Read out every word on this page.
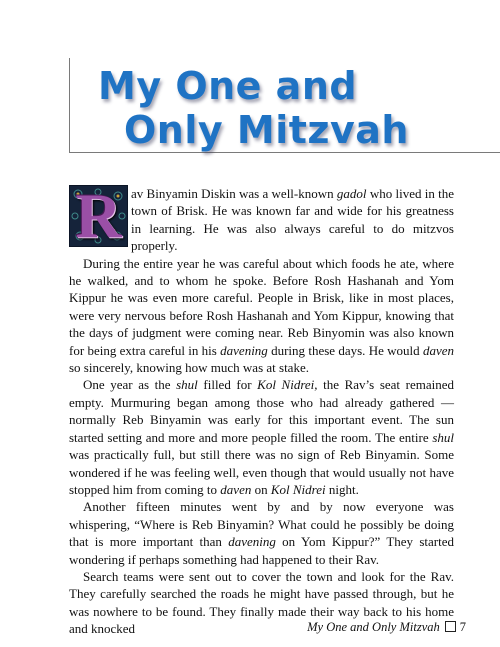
My One and
Only Mitzvah
R av Binyamin Diskin was a well-known gadol who lived in the town of Brisk. He was known far and wide for his greatness in learning. He was also always careful to do mitzvos properly.

During the entire year he was careful about which foods he ate, where he walked, and to whom he spoke. Before Rosh Hashanah and Yom Kippur he was even more careful. People in Brisk, like in most places, were very nervous before Rosh Hashanah and Yom Kippur, knowing that the days of judgment were coming near. Reb Binyomin was also known for being extra careful in his davening during these days. He would daven so sincerely, knowing how much was at stake.

One year as the shul filled for Kol Nidrei, the Rav’s seat remained empty. Murmuring began among those who had already gathered — normally Reb Binyamin was early for this important event. The sun started setting and more and more people filled the room. The entire shul was practically full, but still there was no sign of Reb Binyamin. Some wondered if he was feeling well, even though that would usually not have stopped him from coming to daven on Kol Nidrei night.

Another fifteen minutes went by and by now everyone was whispering, “Where is Reb Binyamin? What could he possibly be doing that is more important than davening on Yom Kippur?” They started wondering if perhaps something had happened to their Rav.

Search teams were sent out to cover the town and look for the Rav. They carefully searched the roads he might have passed through, but he was nowhere to be found. They finally made their way back to his home and knocked	My One and Only Mitzvah 7
